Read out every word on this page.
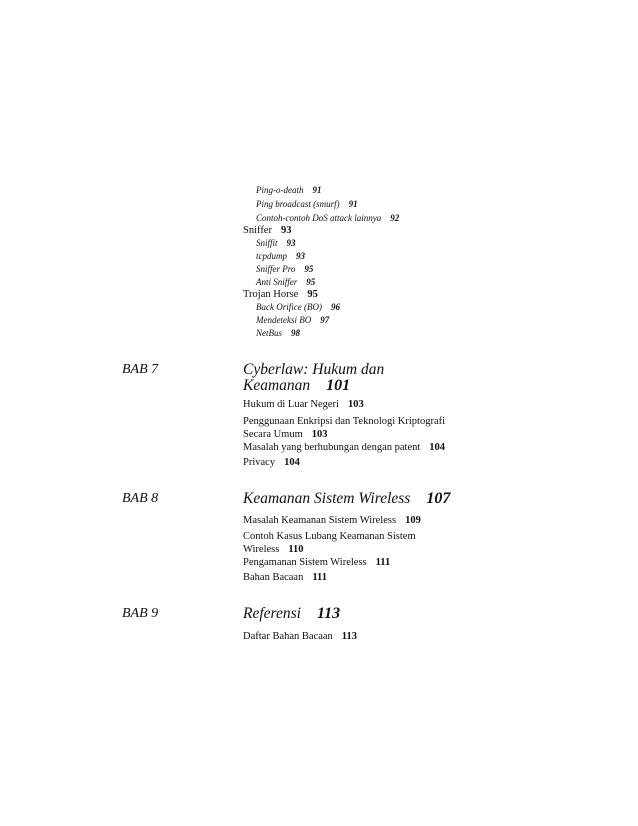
Ping-o-death 91
Ping broadcast (smurf) 91
Contoh-contoh DoS attack lainnya 92
Sniffer 93
Sniffit 93
tcpdump 93
Sniffer Pro 95
Anti Sniffer 95
Trojan Horse 95
Back Orifice (BO) 96
Mendeteksi BO 97
NetBus 98
BAB 7	Cyberlaw: Hukum dan
Keamanan 101
Hukum di Luar Negeri 103
Penggunaan Enkripsi dan Teknologi Kriptografi
Secara Umum 103
Masalah yang berhubungan dengan patent 104
Privacy 104
BAB 8	Keamanan Sistem Wireless 107
Masalah Keamanan Sistem Wireless 109
Contoh Kasus Lubang Keamanan Sistem
Wireless 110
Pengamanan Sistem Wireless 111
Bahan Bacaan 111
BAB 9	Referensi 113
Daftar Bahan Bacaan 113
